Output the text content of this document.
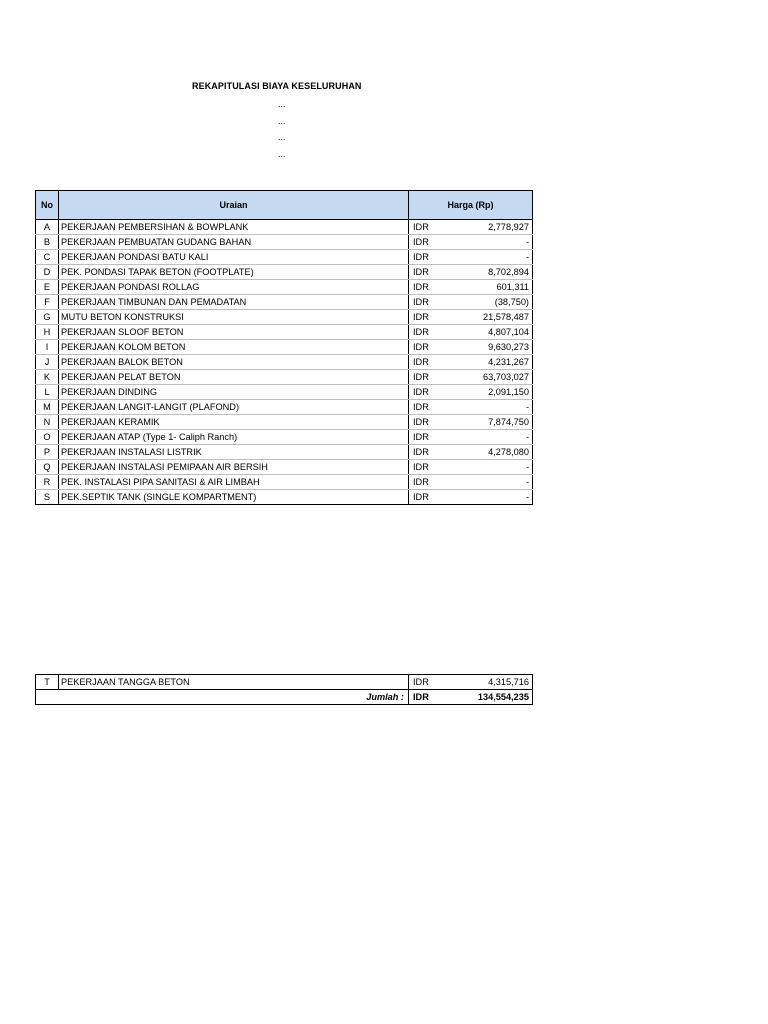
REKAPITULASI BIAYA KESELURUHAN
...
...
...
...
No	Uraian	Harga (Rp)	
A	PEKERJAAN PEMBERSIHAN & BOWPLANK	IDR	2,778,927
B	PEKERJAAN PEMBUATAN GUDANG BAHAN	IDR	-
C	PEKERJAAN PONDASI BATU KALI	IDR	-
D	PEK. PONDASI TAPAK BETON (FOOTPLATE)	IDR	8,702,894
E	PEKERJAAN PONDASI ROLLAG	IDR	601,311
F	PEKERJAAN TIMBUNAN DAN PEMADATAN	IDR	(38,750)
G	MUTU BETON KONSTRUKSI	IDR	21,578,487
H	PEKERJAAN SLOOF BETON	IDR	4,807,104
I	PEKERJAAN KOLOM BETON	IDR	9,630,273
J	PEKERJAAN BALOK BETON	IDR	4,231,267
K	PEKERJAAN PELAT BETON	IDR	63,703,027
L	PEKERJAAN DINDING	IDR	2,091,150
M	PEKERJAAN LANGIT-LANGIT (PLAFOND)	IDR	-
N	PEKERJAAN KERAMIK	IDR	7,874,750
O	PEKERJAAN ATAP (Type 1- Caliph Ranch)	IDR	-
P	PEKERJAAN INSTALASI LISTRIK	IDR	4,278,080
Q	PEKERJAAN INSTALASI PEMIPAAN AIR BERSIH	IDR	-
R	PEK. INSTALASI PIPA SANITASI & AIR LIMBAH	IDR	-
S	PEK.SEPTIK TANK (SINGLE KOMPARTMENT)	IDR	-
T	PEKERJAAN TANGGA BETON	IDR	4,315,716
Jumlah :		IDR	134,554,235
